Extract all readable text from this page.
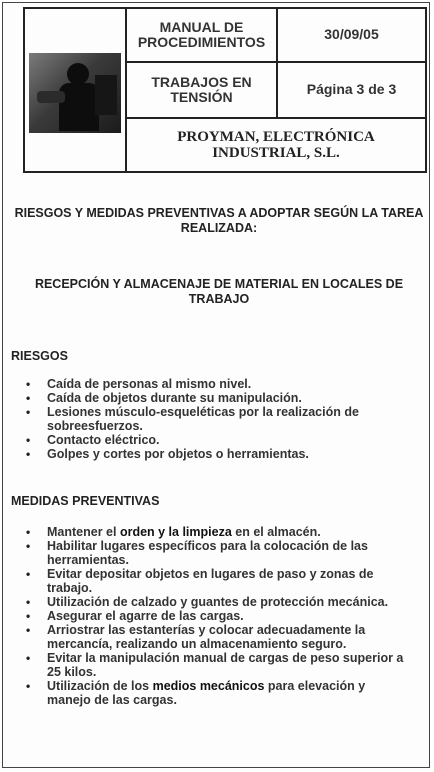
MANUAL DE PROCEDIMIENTOS	30/09/05
TRABAJOS EN TENSIÓN	Página 3 de 3
PROYMAN, ELECTRÓNICA INDUSTRIAL, S.L.
RIESGOS Y MEDIDAS PREVENTIVAS A ADOPTAR SEGÚN LA TAREA REALIZADA:
RECEPCIÓN Y ALMACENAJE DE MATERIAL EN LOCALES DE TRABAJO
RIESGOS
• Caída de personas al mismo nivel.
• Caída de objetos durante su manipulación.
• Lesiones músculo-esqueléticas por la realización de sobreesfuerzos.
• Contacto eléctrico.
• Golpes y cortes por objetos o herramientas.
MEDIDAS PREVENTIVAS
• Mantener el orden y la limpieza en el almacén.
• Habilitar lugares específicos para la colocación de las herramientas.
• Evitar depositar objetos en lugares de paso y zonas de trabajo.
• Utilización de calzado y guantes de protección mecánica.
• Asegurar el agarre de las cargas.
• Arriostrar las estanterías y colocar adecuadamente la mercancía, realizando un almacenamiento seguro.
• Evitar la manipulación manual de cargas de peso superior a 25 kilos.
• Utilización de los medios mecánicos para elevación y manejo de las cargas.
